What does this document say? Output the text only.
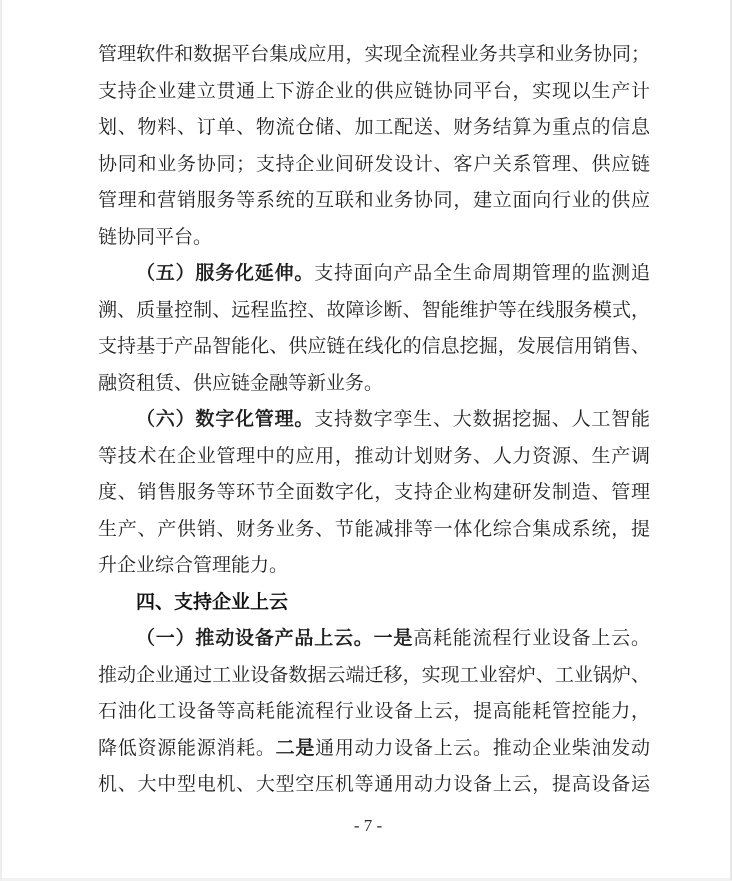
管理软件和数据平台集成应用，实现全流程业务共享和业务协同；
支持企业建立贯通上下游企业的供应链协同平台，实现以生产计
划、物料、订单、物流仓储、加工配送、财务结算为重点的信息
协同和业务协同；支持企业间研发设计、客户关系管理、供应链
管理和营销服务等系统的互联和业务协同，建立面向行业的供应
链协同平台。
（五）服务化延伸。支持面向产品全生命周期管理的监测追
溯、质量控制、远程监控、故障诊断、智能维护等在线服务模式，
支持基于产品智能化、供应链在线化的信息挖掘，发展信用销售、
融资租赁、供应链金融等新业务。
（六）数字化管理。支持数字孪生、大数据挖掘、人工智能
等技术在企业管理中的应用，推动计划财务、人力资源、生产调
度、销售服务等环节全面数字化，支持企业构建研发制造、管理
生产、产供销、财务业务、节能减排等一体化综合集成系统，提
升企业综合管理能力。
四、支持企业上云
（一）推动设备产品上云。一是高耗能流程行业设备上云。
推动企业通过工业设备数据云端迁移，实现工业窑炉、工业锅炉、
石油化工设备等高耗能流程行业设备上云，提高能耗管控能力，
降低资源能源消耗。二是通用动力设备上云。推动企业柴油发动
机、大中型电机、大型空压机等通用动力设备上云，提高设备运
- 7 -
